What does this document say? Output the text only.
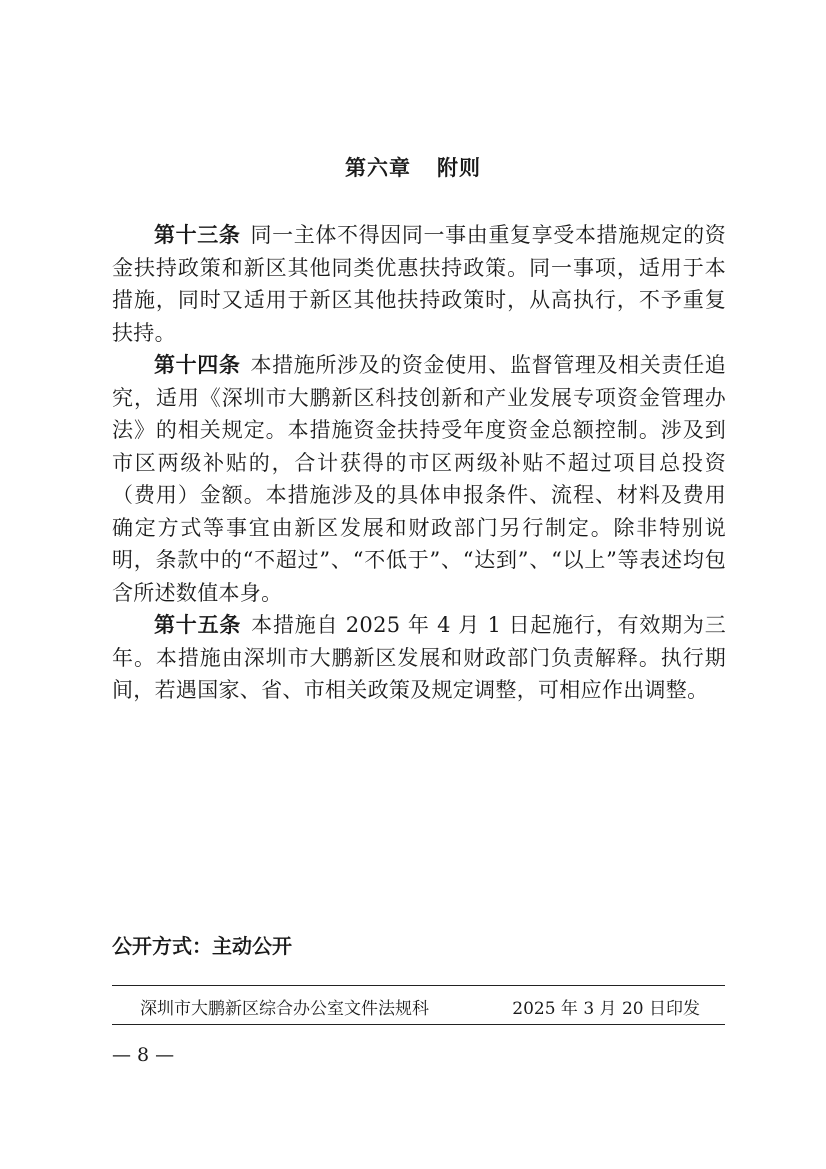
第六章 附则

第十三条 同一主体不得因同一事由重复享受本措施规定的资金扶持政策和新区其他同类优惠扶持政策。同一事项，适用于本措施，同时又适用于新区其他扶持政策时，从高执行，不予重复扶持。

第十四条 本措施所涉及的资金使用、监督管理及相关责任追究，适用《深圳市大鹏新区科技创新和产业发展专项资金管理办法》的相关规定。本措施资金扶持受年度资金总额控制。涉及到市区两级补贴的，合计获得的市区两级补贴不超过项目总投资（费用）金额。本措施涉及的具体申报条件、流程、材料及费用确定方式等事宜由新区发展和财政部门另行制定。除非特别说明，条款中的“不超过”、“不低于”、“达到”、“以上”等表述均包含所述数值本身。

第十五条 本措施自 2025 年 4 月 1 日起施行，有效期为三年。本措施由深圳市大鹏新区发展和财政部门负责解释。执行期间，若遇国家、省、市相关政策及规定调整，可相应作出调整。

公开方式：主动公开
深圳市大鹏新区综合办公室文件法规科	2025 年 3 月 20 日印发
— 8 —
